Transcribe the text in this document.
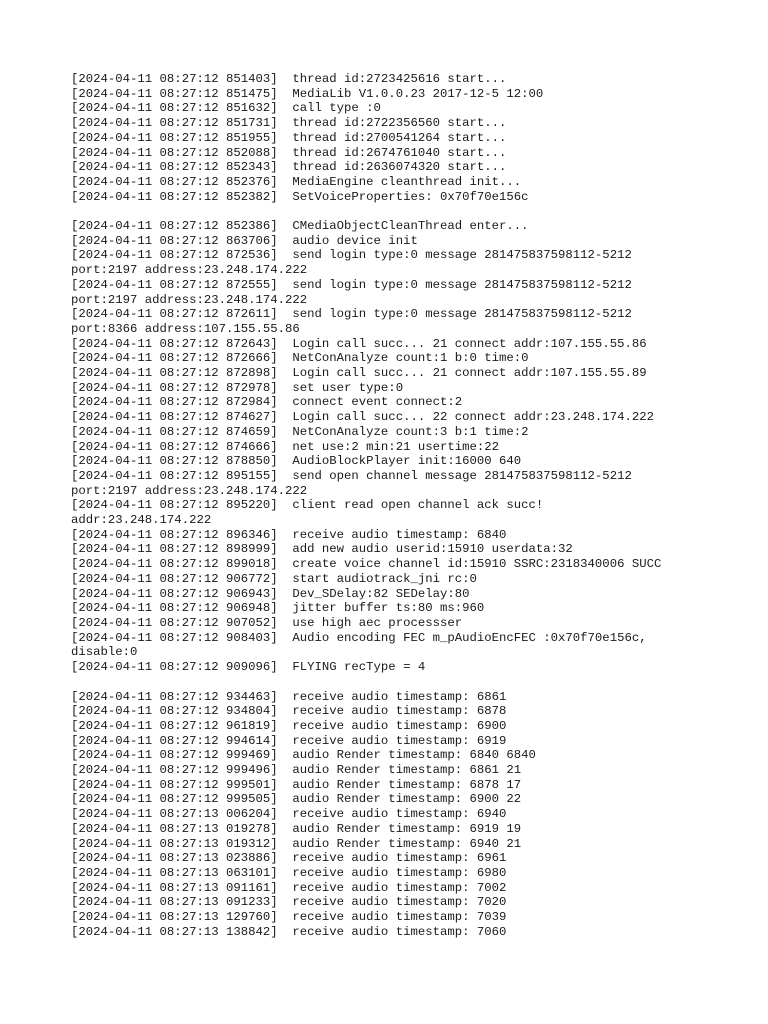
[2024-04-11 08:27:12 851403]  thread id:2723425616 start...
[2024-04-11 08:27:12 851475]  MediaLib V1.0.0.23 2017-12-5 12:00
[2024-04-11 08:27:12 851632]  call type :0
[2024-04-11 08:27:12 851731]  thread id:2722356560 start...
[2024-04-11 08:27:12 851955]  thread id:2700541264 start...
[2024-04-11 08:27:12 852088]  thread id:2674761040 start...
[2024-04-11 08:27:12 852343]  thread id:2636074320 start...
[2024-04-11 08:27:12 852376]  MediaEngine cleanthread init...
[2024-04-11 08:27:12 852382]  SetVoiceProperties: 0x70f70e156c
[2024-04-11 08:27:12 852386]  CMediaObjectCleanThread enter...
[2024-04-11 08:27:12 863706]  audio device init
[2024-04-11 08:27:12 872536]  send login type:0 message 281475837598112-5212
port:2197 address:23.248.174.222
[2024-04-11 08:27:12 872555]  send login type:0 message 281475837598112-5212
port:2197 address:23.248.174.222
[2024-04-11 08:27:12 872611]  send login type:0 message 281475837598112-5212
port:8366 address:107.155.55.86
[2024-04-11 08:27:12 872643]  Login call succ... 21 connect addr:107.155.55.86
[2024-04-11 08:27:12 872666]  NetConAnalyze count:1 b:0 time:0
[2024-04-11 08:27:12 872898]  Login call succ... 21 connect addr:107.155.55.89
[2024-04-11 08:27:12 872978]  set user type:0
[2024-04-11 08:27:12 872984]  connect event connect:2
[2024-04-11 08:27:12 874627]  Login call succ... 22 connect addr:23.248.174.222
[2024-04-11 08:27:12 874659]  NetConAnalyze count:3 b:1 time:2
[2024-04-11 08:27:12 874666]  net use:2 min:21 usertime:22
[2024-04-11 08:27:12 878850]  AudioBlockPlayer init:16000 640
[2024-04-11 08:27:12 895155]  send open channel message 281475837598112-5212
port:2197 address:23.248.174.222
[2024-04-11 08:27:12 895220]  client read open channel ack succ!
addr:23.248.174.222
[2024-04-11 08:27:12 896346]  receive audio timestamp: 6840
[2024-04-11 08:27:12 898999]  add new audio userid:15910 userdata:32
[2024-04-11 08:27:12 899018]  create voice channel id:15910 SSRC:2318340006 SUCC
[2024-04-11 08:27:12 906772]  start audiotrack_jni rc:0
[2024-04-11 08:27:12 906943]  Dev_SDelay:82 SEDelay:80
[2024-04-11 08:27:12 906948]  jitter buffer ts:80 ms:960
[2024-04-11 08:27:12 907052]  use high aec processser
[2024-04-11 08:27:12 908403]  Audio encoding FEC m_pAudioEncFEC :0x70f70e156c,
disable:0
[2024-04-11 08:27:12 909096]  FLYING recType = 4
[2024-04-11 08:27:12 934463]  receive audio timestamp: 6861
[2024-04-11 08:27:12 934804]  receive audio timestamp: 6878
[2024-04-11 08:27:12 961819]  receive audio timestamp: 6900
[2024-04-11 08:27:12 994614]  receive audio timestamp: 6919
[2024-04-11 08:27:12 999469]  audio Render timestamp: 6840 6840
[2024-04-11 08:27:12 999496]  audio Render timestamp: 6861 21
[2024-04-11 08:27:12 999501]  audio Render timestamp: 6878 17
[2024-04-11 08:27:12 999505]  audio Render timestamp: 6900 22
[2024-04-11 08:27:13 006204]  receive audio timestamp: 6940
[2024-04-11 08:27:13 019278]  audio Render timestamp: 6919 19
[2024-04-11 08:27:13 019312]  audio Render timestamp: 6940 21
[2024-04-11 08:27:13 023886]  receive audio timestamp: 6961
[2024-04-11 08:27:13 063101]  receive audio timestamp: 6980
[2024-04-11 08:27:13 091161]  receive audio timestamp: 7002
[2024-04-11 08:27:13 091233]  receive audio timestamp: 7020
[2024-04-11 08:27:13 129760]  receive audio timestamp: 7039
[2024-04-11 08:27:13 138842]  receive audio timestamp: 7060
